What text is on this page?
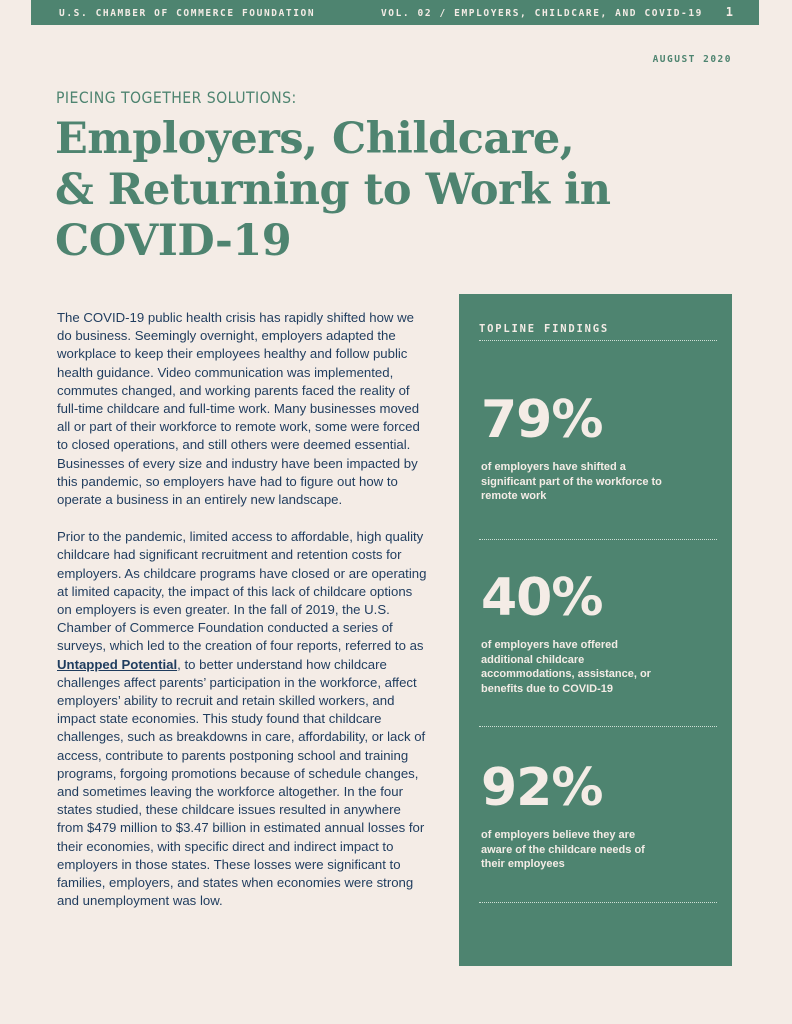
U.S. CHAMBER OF COMMERCE FOUNDATION	VOL. 02 / EMPLOYERS, CHILDCARE, AND COVID-19 1
AUGUST 2020
PIECING TOGETHER SOLUTIONS:
Employers, Childcare,
& Returning to Work in
COVID-19

The COVID-19 public health crisis has rapidly shifted how we do business. Seemingly overnight, employers adapted the workplace to keep their employees healthy and follow public health guidance. Video communication was implemented, commutes changed, and working parents faced the reality of full-time childcare and full-time work. Many businesses moved all or part of their workforce to remote work, some were forced to closed operations, and still others were deemed essential. Businesses of every size and industry have been impacted by this pandemic, so employers have had to figure out how to operate a business in an entirely new landscape.

Prior to the pandemic, limited access to affordable, high quality childcare had significant recruitment and retention costs for employers. As childcare programs have closed or are operating at limited capacity, the impact of this lack of childcare options on employers is even greater. In the fall of 2019, the U.S. Chamber of Commerce Foundation conducted a series of surveys, which led to the creation of four reports, referred to as Untapped Potential, to better understand how childcare challenges affect parents’ participation in the workforce, affect employers’ ability to recruit and retain skilled workers, and impact state economies. This study found that childcare challenges, such as breakdowns in care, affordability, or lack of access, contribute to parents postponing school and training programs, forgoing promotions because of schedule changes, and sometimes leaving the workforce altogether. In the four states studied, these childcare issues resulted in anywhere from $479 million to $3.47 billion in estimated annual losses for their economies, with specific direct and indirect impact to employers in those states. These losses were significant to families, employers, and states when economies were strong and unemployment was low.

TOPLINE FINDINGS
79%
of employers have shifted a significant part of the workforce to remote work
40%
of employers have offered additional childcare accommodations, assistance, or benefits due to COVID-19
92%
of employers believe they are aware of the childcare needs of their employees
